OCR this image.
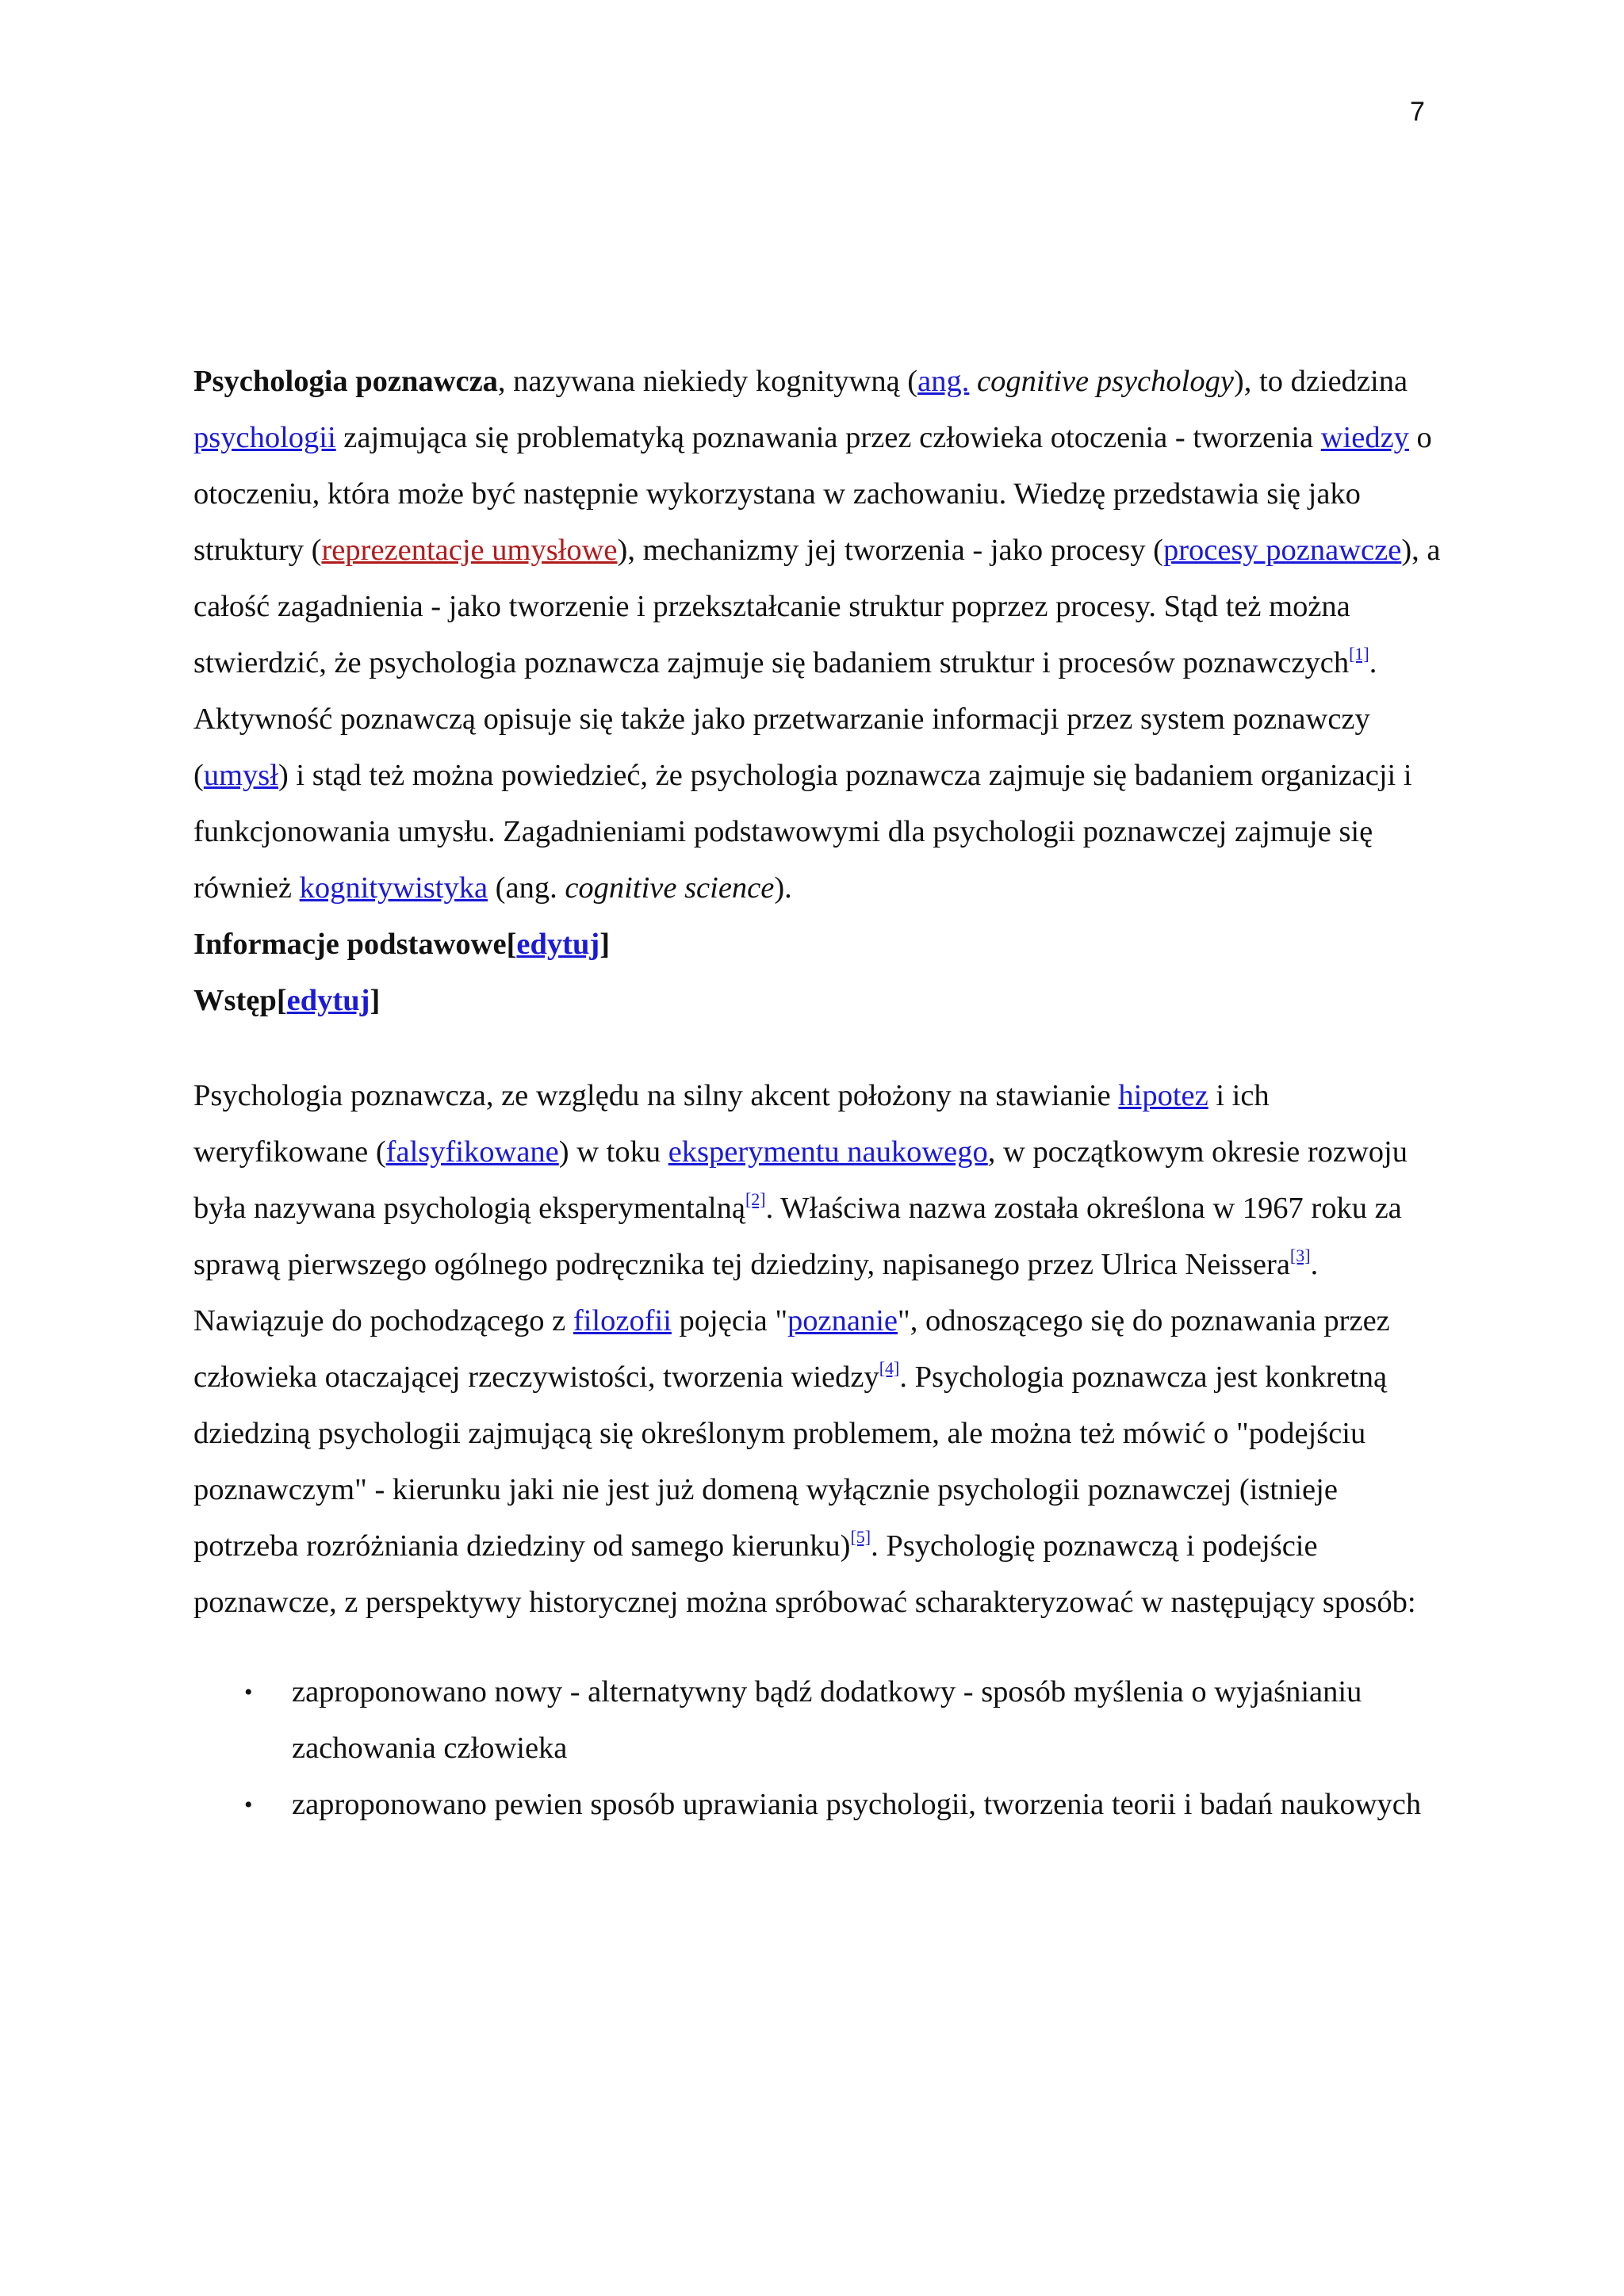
7

Psychologia poznawcza, nazywana niekiedy kognitywną (ang. cognitive psychology), to dziedzina psychologii zajmująca się problematyką poznawania przez człowieka otoczenia - tworzenia wiedzy o otoczeniu, która może być następnie wykorzystana w zachowaniu. Wiedzę przedstawia się jako struktury (reprezentacje umysłowe), mechanizmy jej tworzenia - jako procesy (procesy poznawcze), a całość zagadnienia - jako tworzenie i przekształcanie struktur poprzez procesy. Stąd też można stwierdzić, że psychologia poznawcza zajmuje się badaniem struktur i procesów poznawczych[1]. Aktywność poznawczą opisuje się także jako przetwarzanie informacji przez system poznawczy (umysł) i stąd też można powiedzieć, że psychologia poznawcza zajmuje się badaniem organizacji i funkcjonowania umysłu. Zagadnieniami podstawowymi dla psychologii poznawczej zajmuje się również kognitywistyka (ang. cognitive science).

Informacje podstawowe[edytuj]
Wstęp[edytuj]

Psychologia poznawcza, ze względu na silny akcent położony na stawianie hipotez i ich weryfikowane (falsyfikowane) w toku eksperymentu naukowego, w początkowym okresie rozwoju była nazywana psychologią eksperymentalną[2]. Właściwa nazwa została określona w 1967 roku za sprawą pierwszego ogólnego podręcznika tej dziedziny, napisanego przez Ulrica Neissera[3]. Nawiązuje do pochodzącego z filozofii pojęcia "poznanie", odnoszącego się do poznawania przez człowieka otaczającej rzeczywistości, tworzenia wiedzy[4]. Psychologia poznawcza jest konkretną dziedziną psychologii zajmującą się określonym problemem, ale można też mówić o "podejściu poznawczym" - kierunku jaki nie jest już domeną wyłącznie psychologii poznawczej (istnieje potrzeba rozróżniania dziedziny od samego kierunku)[5]. Psychologię poznawczą i podejście poznawcze, z perspektywy historycznej można spróbować scharakteryzować w następujący sposób:

• zaproponowano nowy - alternatywny bądź dodatkowy - sposób myślenia o wyjaśnianiu zachowania człowieka
• zaproponowano pewien sposób uprawiania psychologii, tworzenia teorii i badań naukowych
